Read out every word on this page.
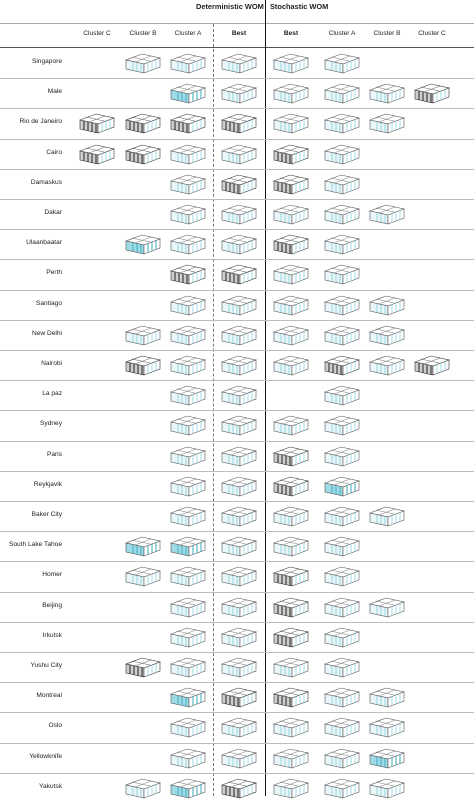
Deterministic WOM Stochastic WOM
Cluster C	Cluster B	Cluster A	Best	Best	Cluster A	Cluster B	Cluster C
Singapore
Male
Rio de Janeiro
Cairo
Damaskus
Dakar
Ulaanbaatar
Perth
Santiago
New Delhi
Nairobi
La paz
Sydney
Paris
Reykjavik
Baker City
South Lake Tahoe
Homer
Beijing
Irkutsk
Yushu City
Montreal
Oslo
Yellowknife
Yakutsk
